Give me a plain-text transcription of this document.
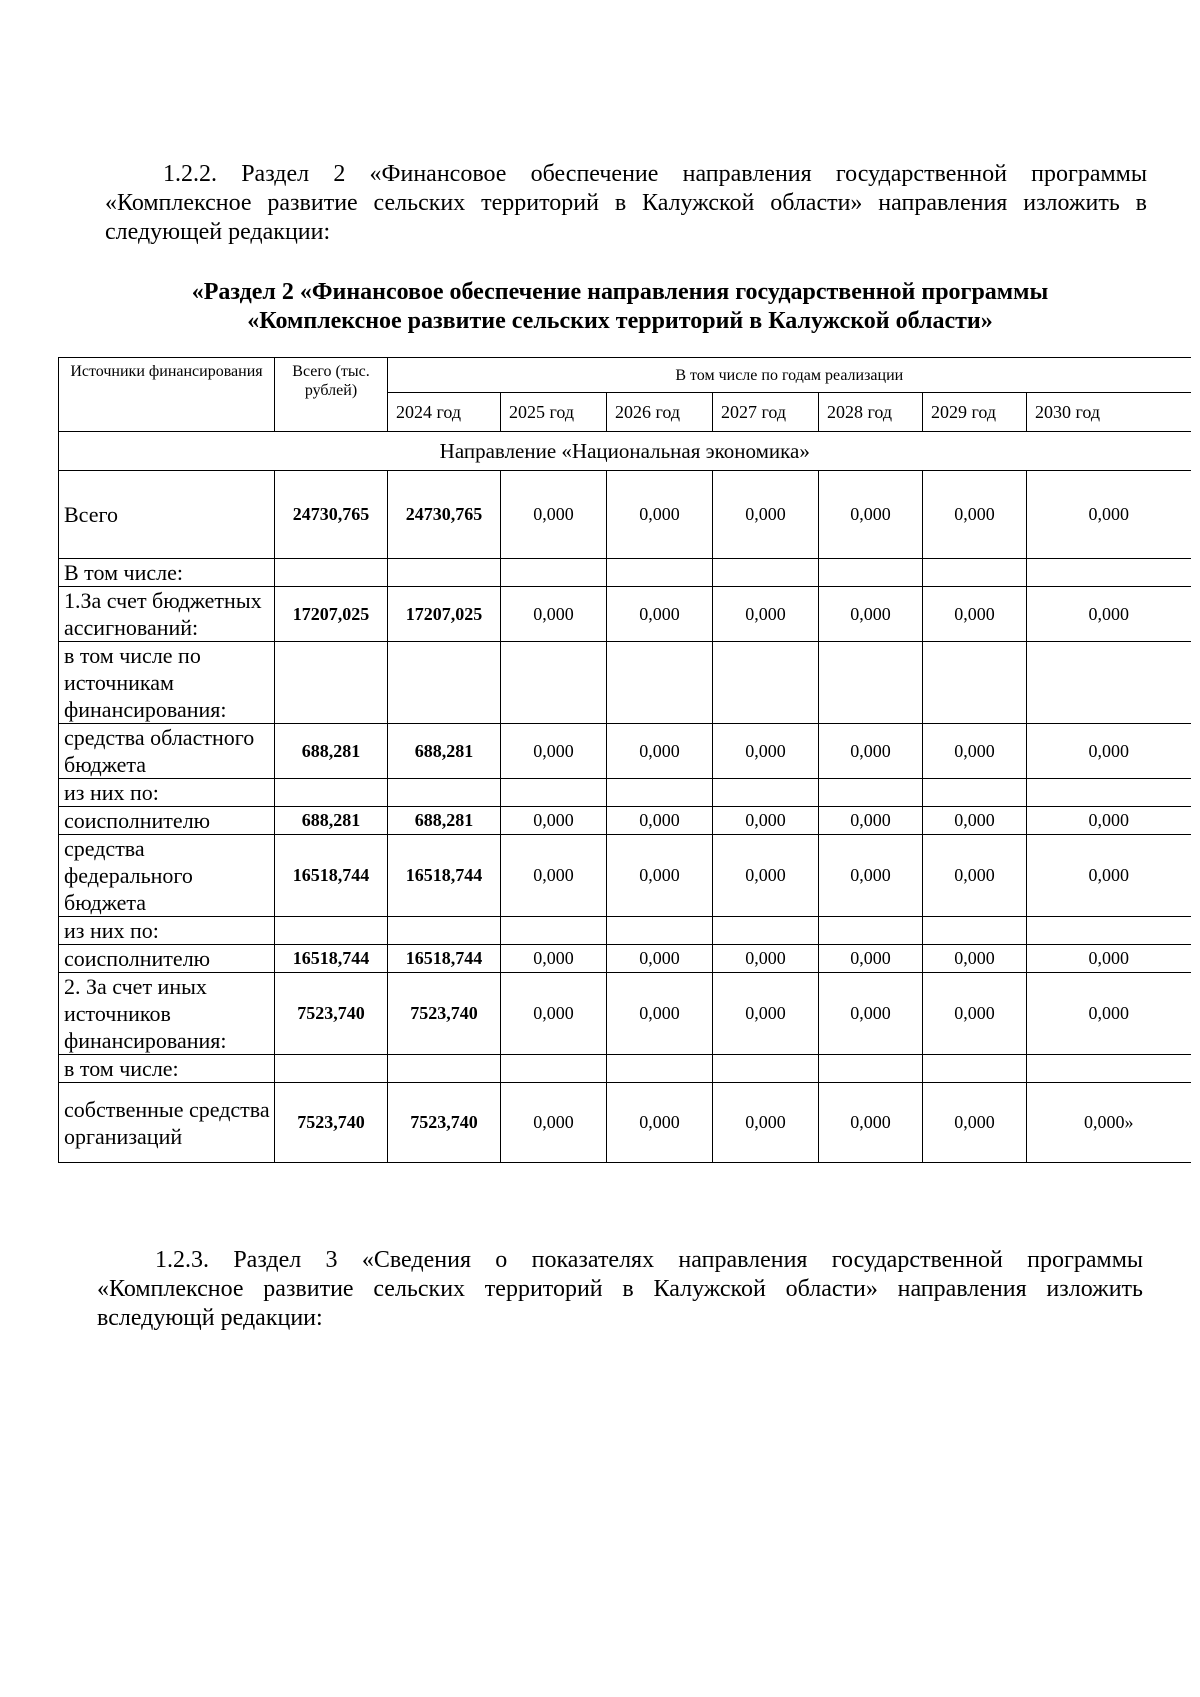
1.2.2. Раздел 2 «Финансовое обеспечение направления государственной программы «Комплексное развитие сельских территорий в Калужской области» направления изложить в следующей редакции:
«Раздел 2 «Финансовое обеспечение направления государственной программы
«Комплексное развитие сельских территорий в Калужской области»
Источники финансирования	Всего (тыс. рублей)	В том числе по годам реализации						
		2024 год	2025 год	2026 год	2027 год	2028 год	2029 год	2030 год
Направление «Национальная экономика»								
Всего	24730,765	24730,765	0,000	0,000	0,000	0,000	0,000	0,000
В том числе:								
1.За счет бюджетных ассигнований:	17207,025	17207,025	0,000	0,000	0,000	0,000	0,000	0,000
в том числе по источникам финансирования:								
средства областного бюджета	688,281	688,281	0,000	0,000	0,000	0,000	0,000	0,000
из них по:								
соисполнителю	688,281	688,281	0,000	0,000	0,000	0,000	0,000	0,000
средства федерального бюджета	16518,744	16518,744	0,000	0,000	0,000	0,000	0,000	0,000
из них по:								
соисполнителю	16518,744	16518,744	0,000	0,000	0,000	0,000	0,000	0,000
2. За счет иных источников финансирования:	7523,740	7523,740	0,000	0,000	0,000	0,000	0,000	0,000
в том числе:								
собственные средства организаций	7523,740	7523,740	0,000	0,000	0,000	0,000	0,000	0,000»
1.2.3. Раздел 3 «Сведения о показателях направления государственной программы «Комплексное развитие сельских территорий в Калужской области» направления изложить вследующй редакции:
